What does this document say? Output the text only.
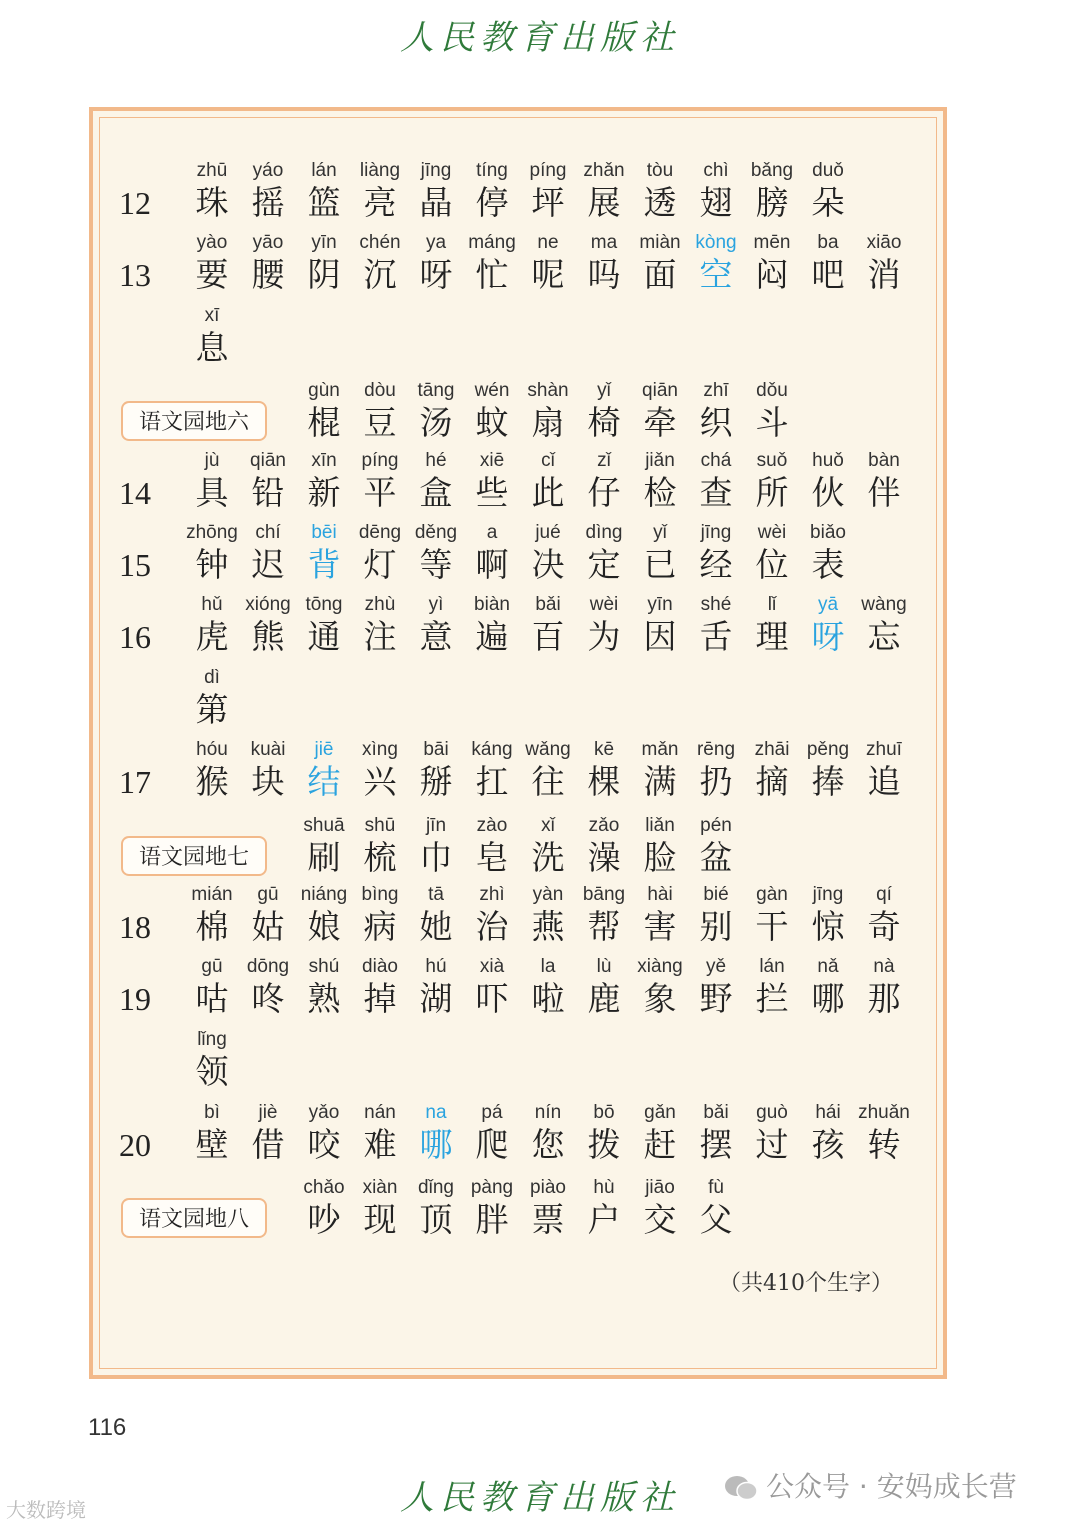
人民教育出版社
12
zhū
珠
yáo
摇
lán
篮
liàng
亮
jīng
晶
tíng
停
píng
坪
zhǎn
展
tòu
透
chì
翅
bǎng
膀
duǒ
朵
13
yào
要
yāo
腰
yīn
阴
chén
沉
ya
呀
máng
忙
ne
呢
ma
吗
miàn
面
kòng
空
mēn
闷
ba
吧
xiāo
消
xī
息
语文园地六
gùn
棍
dòu
豆
tāng
汤
wén
蚊
shàn
扇
yǐ
椅
qiān
牵
zhī
织
dǒu
斗
14
jù
具
qiān
铅
xīn
新
píng
平
hé
盒
xiē
些
cǐ
此
zǐ
仔
jiǎn
检
chá
查
suǒ
所
huǒ
伙
bàn
伴
15
zhōng
钟
chí
迟
bēi
背
dēng
灯
děng
等
a
啊
jué
决
dìng
定
yǐ
已
jīng
经
wèi
位
biǎo
表
16
hǔ
虎
xióng
熊
tōng
通
zhù
注
yì
意
biàn
遍
bǎi
百
wèi
为
yīn
因
shé
舌
lǐ
理
yā
呀
wàng
忘
dì
第
17
hóu
猴
kuài
块
jiē
结
xìng
兴
bāi
掰
káng
扛
wǎng
往
kē
棵
mǎn
满
rēng
扔
zhāi
摘
pěng
捧
zhuī
追
语文园地七
shuā
刷
shū
梳
jīn
巾
zào
皂
xǐ
洗
zǎo
澡
liǎn
脸
pén
盆
18
mián
棉
gū
姑
niáng
娘
bìng
病
tā
她
zhì
治
yàn
燕
bāng
帮
hài
害
bié
别
gàn
干
jīng
惊
qí
奇
19
gū
咕
dōng
咚
shú
熟
diào
掉
hú
湖
xià
吓
la
啦
lù
鹿
xiàng
象
yě
野
lán
拦
nǎ
哪
nà
那
lǐng
领
20
bì
壁
jiè
借
yǎo
咬
nán
难
na
哪
pá
爬
nín
您
bō
拨
gǎn
赶
bǎi
摆
guò
过
hái
孩
zhuǎn
转
语文园地八
chǎo
吵
xiàn
现
dǐng
顶
pàng
胖
piào
票
hù
户
jiāo
交
fù
父
（共410个生字）
116
人民教育出版社	公众号 · 安妈成长营
大数跨境
